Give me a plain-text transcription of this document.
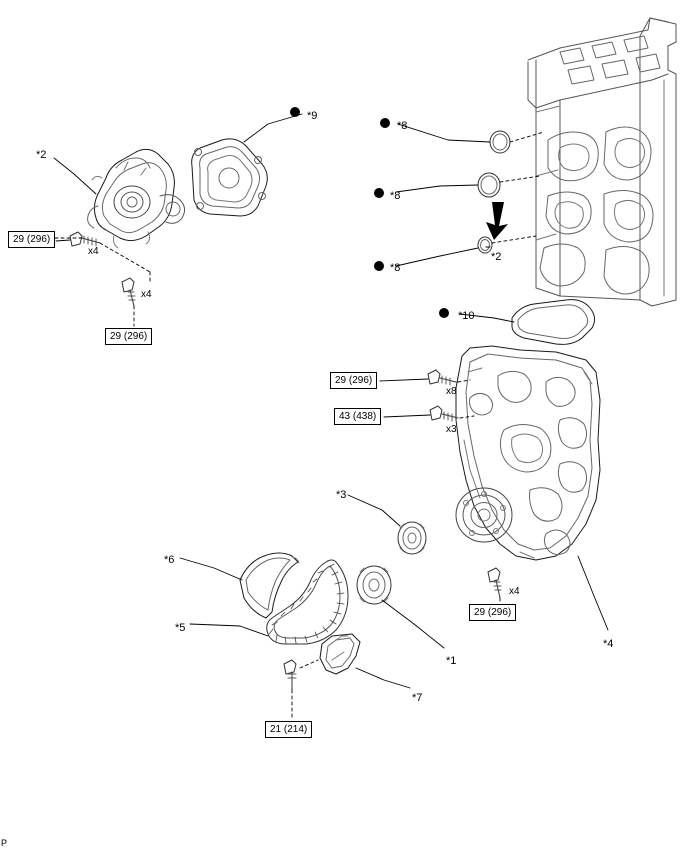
*2
*9
*8
*8
*8
*2
*10
*3
*6
*5
*1
*7
*4
29 (296)
29 (296)
29 (296)
43 (438)
29 (296)
21 (214)
x4
x4
x8
x3
x4
P
